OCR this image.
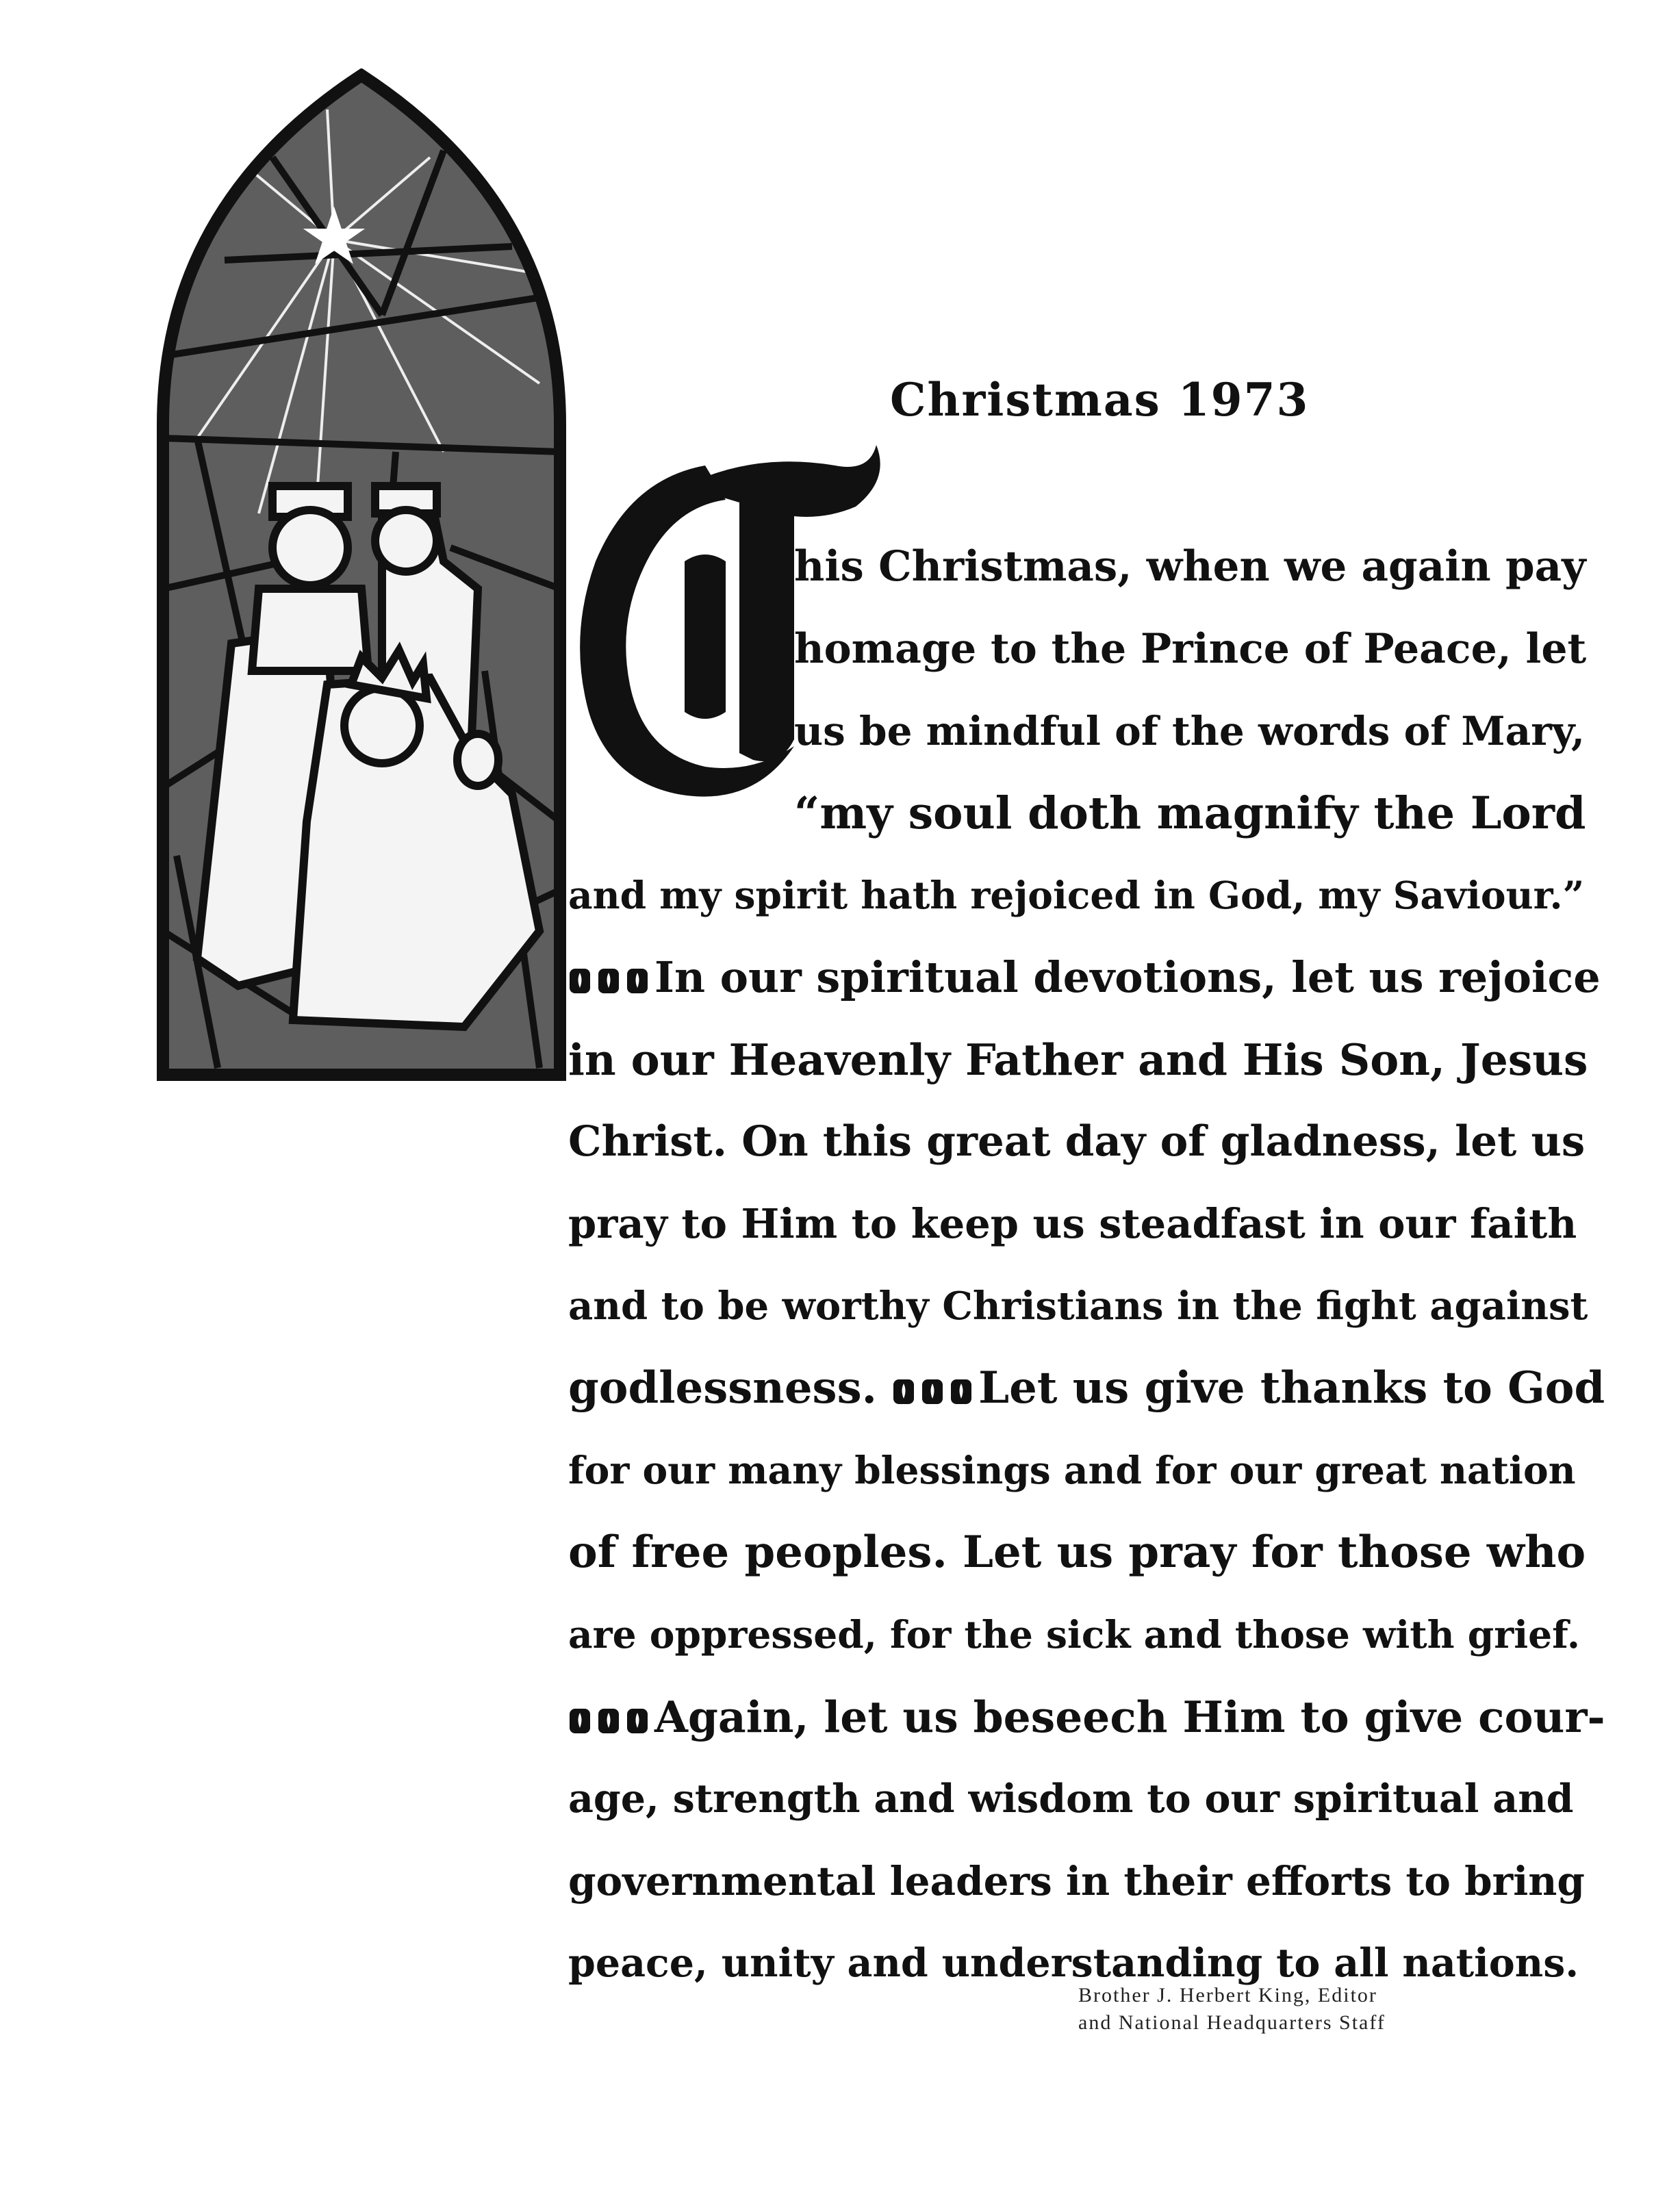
Christmas 1973
his Christmas, when we again pay
homage to the Prince of Peace, let
us be mindful of the words of Mary,
“my soul doth magnify the Lord
and my spirit hath rejoiced in God, my Saviour.”
In our spiritual devotions, let us rejoice
in our Heavenly Father and His Son, Jesus
Christ. On this great day of gladness, let us
pray to Him to keep us steadfast in our faith
and to be worthy Christians in the fight against
godlessness. Let us give thanks to God
for our many blessings and for our great nation
of free peoples. Let us pray for those who
are oppressed, for the sick and those with grief.
Again, let us beseech Him to give cour-
age, strength and wisdom to our spiritual and
governmental leaders in their efforts to bring
peace, unity and understanding to all nations.
Brother J. Herbert King, Editor
and National Headquarters Staff
